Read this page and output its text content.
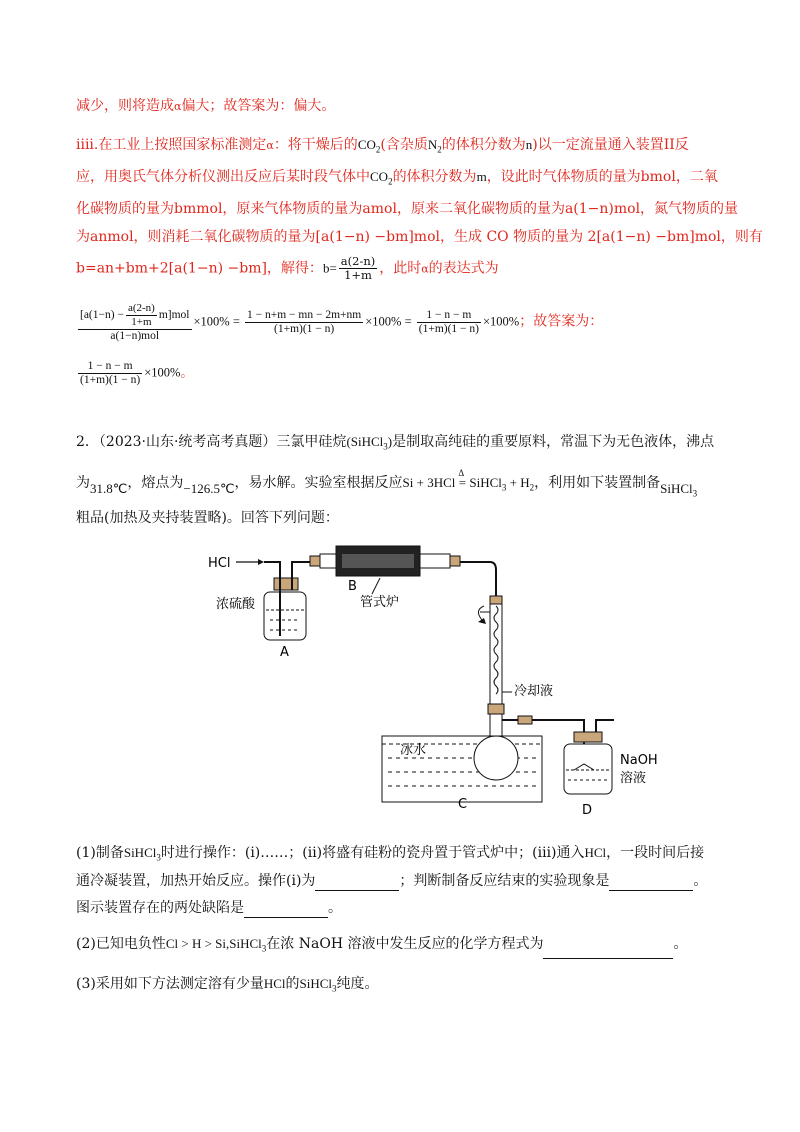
减少，则将造成α偏大；故答案为：偏大。
iiii.在工业上按照国家标准测定α：将干燥后的$CO_2$(含杂质$N_2$的体积分数为n)以一定流量通入装置II反
应，用奥氏气体分析仪测出反应后某时段气体中$CO_2$的体积分数为m，设此时气体物质的量为bmol，二氧
化碳物质的量为bmmol，原来气体物质的量为amol，原来二氧化碳物质的量为a(1−n)mol，氮气物质的量
为anmol，则消耗二氧化碳物质的量为[a(1−n) −bm]mol，生成 CO 物质的量为 2[a(1−n) −bm]mol，则有
b=an+bm+2[a(1−n) −bm]，解得：$b= \frac{a(2-n)}{1+m}$ ，此时α的表达式为
$\frac{[a(1-n) - \frac{a(2-n)}{1+m} m]mol}{\text{a(1−n)mol}} \times 100\% = \frac{1 - n+m - mn - 2m+nm}{(1+m)(1 - n)} \times 100\% = \frac{1 - n - m}{(1+m)(1 - n)} \times 100\%$；故答案为：
$\frac{1 - n - m}{(1+m)(1 - n)} \times 100\%$。
2．（2023·山东·统考高考真题）三氯甲硅烷(SiHCl$_3$)是制取高纯硅的重要原料，常温下为无色液体，沸点
为31.8℃，熔点为−126.5℃，易水解。实验室根据反应Si + 3HCl
Δ
= SiHCl$_3$ + $H_2$，利用如下装置制备SiHCl$_3$
粗品(加热及夹持装置略)。回答下列问题：
HCl
浓硫酸
A
B
管式炉
冷却液
冰水
C
NaOH
溶液
D
(1)制备SiHCl$_3$时进行操作：(ⅰ)……；(ⅱ)将盛有硅粉的瓷舟置于管式炉中；(ⅲ)通入HCl，一段时间后接
通冷凝装置，加热开始反应。操作(ⅰ)为	；判断制备反应结束的实验现象是	。
图示装置存在的两处缺陷是	。
(2)已知电负性Cl > H > Si,SiHCl$_3$在浓 NaOH 溶液中发生反应的化学方程式为	。
(3)采用如下方法测定溶有少量HCl的SiHCl$_3$纯度。
